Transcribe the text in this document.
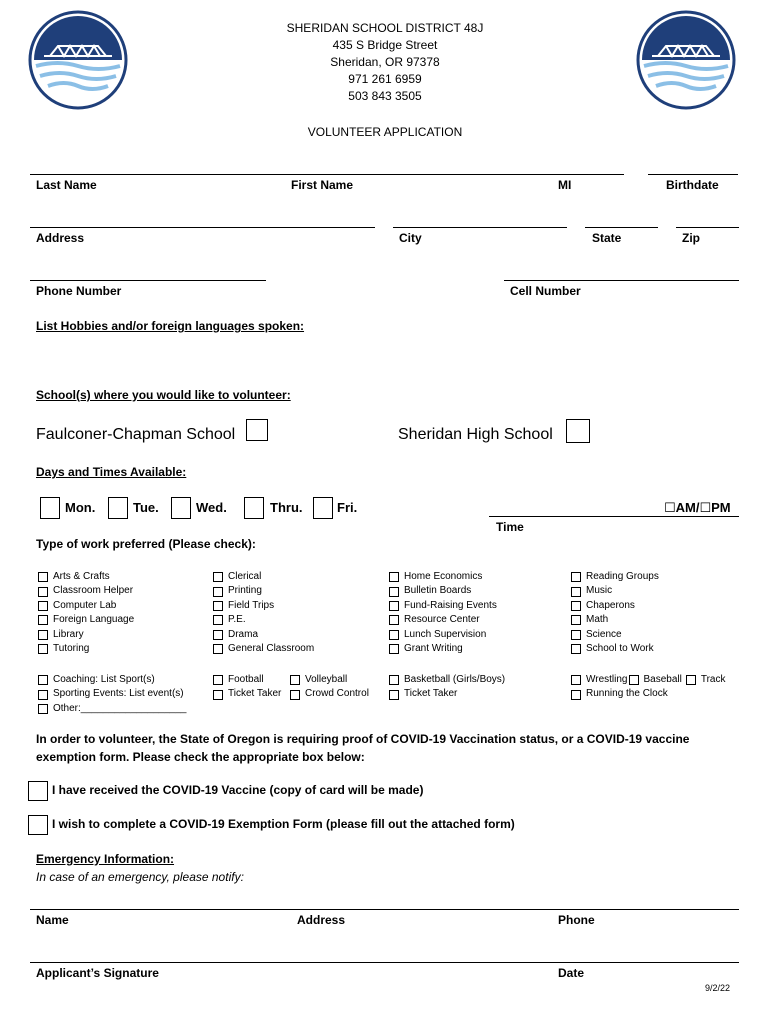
SHERIDAN SCHOOL DISTRICT 48J
435 S Bridge Street
Sheridan, OR 97378
971 261 6959
503 843 3505
VOLUNTEER APPLICATION
Last Name	First Name	MI	Birthdate
Address	City	State	Zip
Phone Number	Cell Number
List Hobbies and/or foreign languages spoken:
School(s) where you would like to volunteer:
Faulconer-Chapman School	Sheridan High School
Days and Times Available:
Mon.	Tue.	Wed.	Thru.	Fri.	☐AM/☐PM
Time
Type of work preferred (Please check):
Arts & Crafts
Classroom Helper
Computer Lab
Foreign Language
Library
Tutoring
Clerical
Printing
Field Trips
P.E.
Drama
General Classroom
Home Economics
Bulletin Boards
Fund-Raising Events
Resource Center
Lunch Supervision
Grant Writing
Reading Groups
Music
Chaperons
Math
Science
School to Work
Coaching: List Sport(s)
Sporting Events: List event(s)
Other:___________________
Football	Volleyball
Ticket Taker	Crowd Control
Basketball (Girls/Boys)
Ticket Taker
Wrestling Baseball Track
Running the Clock
In order to volunteer, the State of Oregon is requiring proof of COVID-19 Vaccination status, or a COVID-19 vaccine exemption form. Please check the appropriate box below:
I have received the COVID-19 Vaccine (copy of card will be made)
I wish to complete a COVID-19 Exemption Form (please fill out the attached form)
Emergency Information:
In case of an emergency, please notify:
Name	Address	Phone
Applicant’s Signature	Date
9/2/22
